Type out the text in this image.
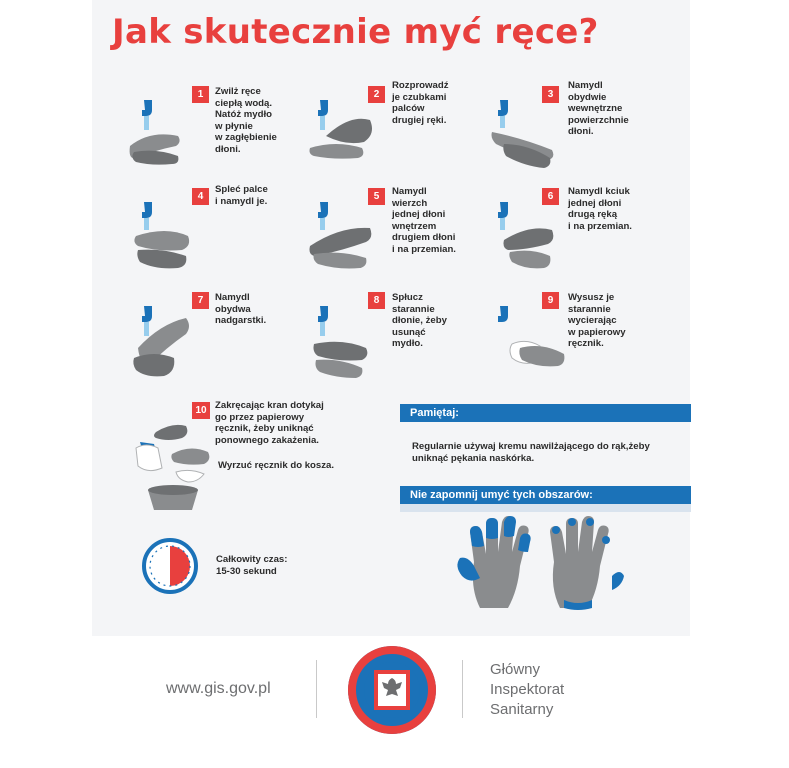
Jak skutecznie myć ręce?
1	Zwilż ręce
ciepłą wodą.
Natóż mydło
w płynie
w zagłębienie
dłoni.
2
Rozprowadź
je czubkami
palców
drugiej ręki.
3
Namydl
obydwie
wewnętrzne
powierzchnie
dłoni.
4
Spleć palce
i namydl je.	5	Namydl
wierzch
jednej dłoni
wnętrzem
drugiem dłoni
i na przemian.
6	Namydl kciuk
jednej dłoni
drugą ręką
i na przemian.
7	Namydl
obydwa
nadgarstki.
8	Spłucz
starannie
dłonie, żeby
usunąć
mydło.
9	Wysusz je
starannie
wycierając
w papierowy
ręcznik.
10 Zakręcając kran dotykaj
go przez papierowy
ręcznik, żeby uniknąć
ponownego zakażenia.
Wyrzuć ręcznik do kosza.
Całkowity czas:
15-30 sekund
Pamiętaj:
Regularnie używaj kremu nawilżającego do rąk,żeby uniknąć pękania naskórka.
Nie zapomnij umyć tych obszarów:
www.gis.gov.pl
Główny
Inspektorat
Sanitarny
